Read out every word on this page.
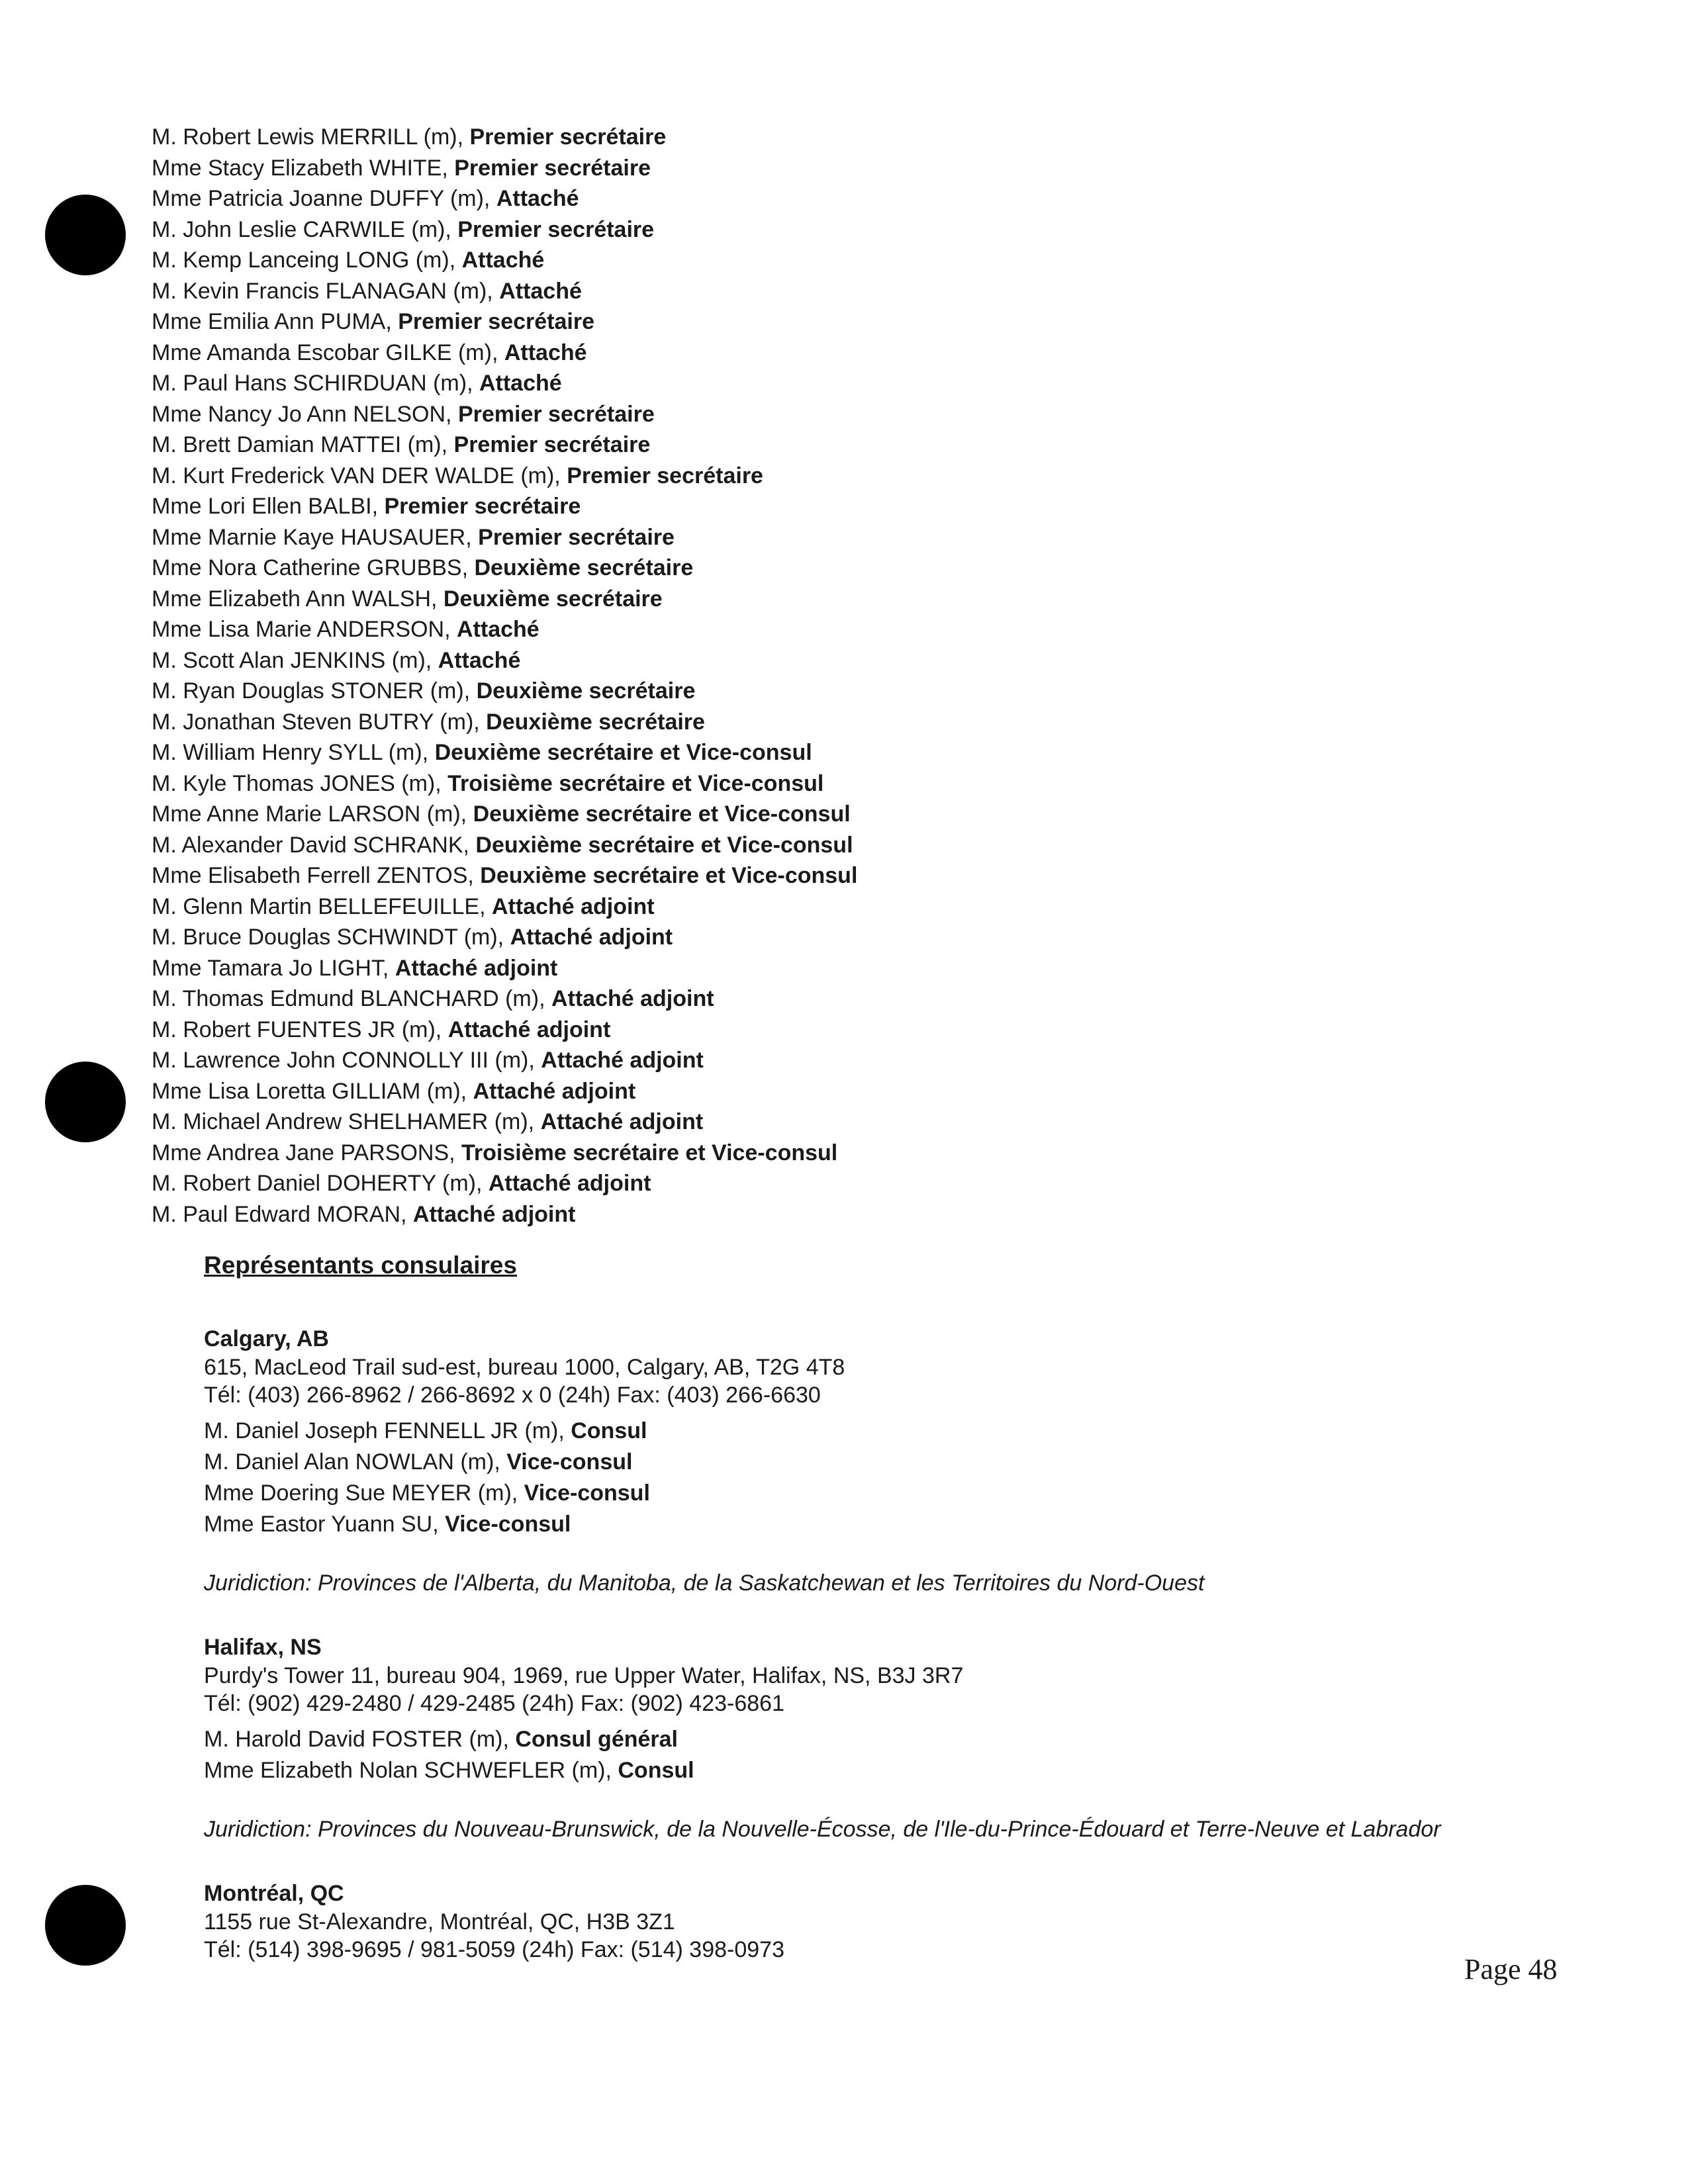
M. Robert Lewis MERRILL (m), Premier secrétaire
Mme Stacy Elizabeth WHITE, Premier secrétaire
Mme Patricia Joanne DUFFY (m), Attaché
M. John Leslie CARWILE (m), Premier secrétaire
M. Kemp Lanceing LONG (m), Attaché
M. Kevin Francis FLANAGAN (m), Attaché
Mme Emilia Ann PUMA, Premier secrétaire
Mme Amanda Escobar GILKE (m), Attaché
M. Paul Hans SCHIRDUAN (m), Attaché
Mme Nancy Jo Ann NELSON, Premier secrétaire
M. Brett Damian MATTEI (m), Premier secrétaire
M. Kurt Frederick VAN DER WALDE (m), Premier secrétaire
Mme Lori Ellen BALBI, Premier secrétaire
Mme Marnie Kaye HAUSAUER, Premier secrétaire
Mme Nora Catherine GRUBBS, Deuxième secrétaire
Mme Elizabeth Ann WALSH, Deuxième secrétaire
Mme Lisa Marie ANDERSON, Attaché
M. Scott Alan JENKINS (m), Attaché
M. Ryan Douglas STONER (m), Deuxième secrétaire
M. Jonathan Steven BUTRY (m), Deuxième secrétaire
M. William Henry SYLL (m), Deuxième secrétaire et Vice-consul
M. Kyle Thomas JONES (m), Troisième secrétaire et Vice-consul
Mme Anne Marie LARSON (m), Deuxième secrétaire et Vice-consul
M. Alexander David SCHRANK, Deuxième secrétaire et Vice-consul
Mme Elisabeth Ferrell ZENTOS, Deuxième secrétaire et Vice-consul
M. Glenn Martin BELLEFEUILLE, Attaché adjoint
M. Bruce Douglas SCHWINDT (m), Attaché adjoint
Mme Tamara Jo LIGHT, Attaché adjoint
M. Thomas Edmund BLANCHARD (m), Attaché adjoint
M. Robert FUENTES JR (m), Attaché adjoint
M. Lawrence John CONNOLLY III (m), Attaché adjoint
Mme Lisa Loretta GILLIAM (m), Attaché adjoint
M. Michael Andrew SHELHAMER (m), Attaché adjoint
Mme Andrea Jane PARSONS, Troisième secrétaire et Vice-consul
M. Robert Daniel DOHERTY (m), Attaché adjoint
M. Paul Edward MORAN, Attaché adjoint
Représentants consulaires
Calgary, AB
615, MacLeod Trail sud-est, bureau 1000, Calgary, AB, T2G 4T8
Tél: (403) 266-8962 / 266-8692 x 0 (24h) Fax: (403) 266-6630
M. Daniel Joseph FENNELL JR (m), Consul
M. Daniel Alan NOWLAN (m), Vice-consul
Mme Doering Sue MEYER (m), Vice-consul
Mme Eastor Yuann SU, Vice-consul
Juridiction: Provinces de l'Alberta, du Manitoba, de la Saskatchewan et les Territoires du Nord-Ouest
Halifax, NS
Purdy's Tower 11, bureau 904, 1969, rue Upper Water, Halifax, NS, B3J 3R7
Tél: (902) 429-2480 / 429-2485 (24h) Fax: (902) 423-6861
M. Harold David FOSTER (m), Consul général
Mme Elizabeth Nolan SCHWEFLER (m), Consul
Juridiction: Provinces du Nouveau-Brunswick, de la Nouvelle-Écosse, de l'Ile-du-Prince-Édouard et Terre-Neuve et Labrador
Montréal, QC
1155 rue St-Alexandre, Montréal, QC, H3B 3Z1
Tél: (514) 398-9695 / 981-5059 (24h) Fax: (514) 398-0973
Page 48
